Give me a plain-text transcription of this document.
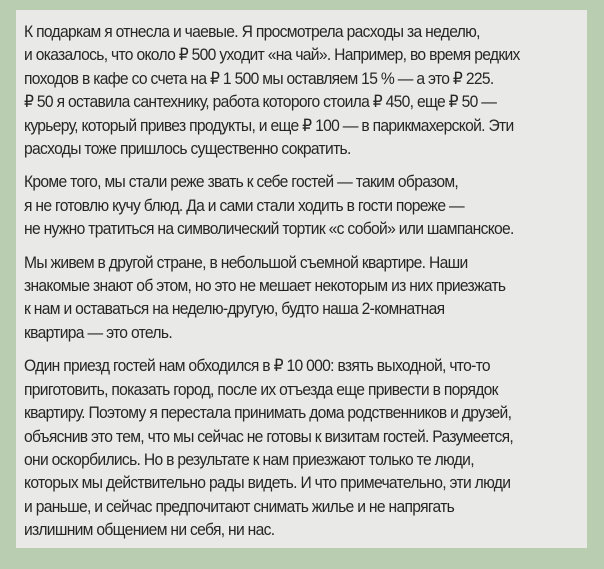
К подаркам я отнесла и чаевые. Я просмотрела расходы за неделю,
и оказалось, что около ₽ 500 уходит «на чай». Например, во время редких
походов в кафе со счета на ₽ 1 500 мы оставляем 15 % — а это ₽ 225.
₽ 50 я оставила сантехнику, работа которого стоила ₽ 450, еще ₽ 50 —
курьеру, который привез продукты, и еще ₽ 100 — в парикмахерской. Эти
расходы тоже пришлось существенно сократить.
Кроме того, мы стали реже звать к себе гостей — таким образом,
я не готовлю кучу блюд. Да и сами стали ходить в гости пореже —
не нужно тратиться на символический тортик «с собой» или шампанское.
Мы живем в другой стране, в небольшой съемной квартире. Наши
знакомые знают об этом, но это не мешает некоторым из них приезжать
к нам и оставаться на неделю-другую, будто наша 2-комнатная
квартира — это отель.
Один приезд гостей нам обходился в ₽ 10 000: взять выходной, что-то
приготовить, показать город, после их отъезда еще привести в порядок
квартиру. Поэтому я перестала принимать дома родственников и друзей,
объяснив это тем, что мы сейчас не готовы к визитам гостей. Разумеется,
они оскорбились. Но в результате к нам приезжают только те люди,
которых мы действительно рады видеть. И что примечательно, эти люди
и раньше, и сейчас предпочитают снимать жилье и не напрягать
излишним общением ни себя, ни нас.
